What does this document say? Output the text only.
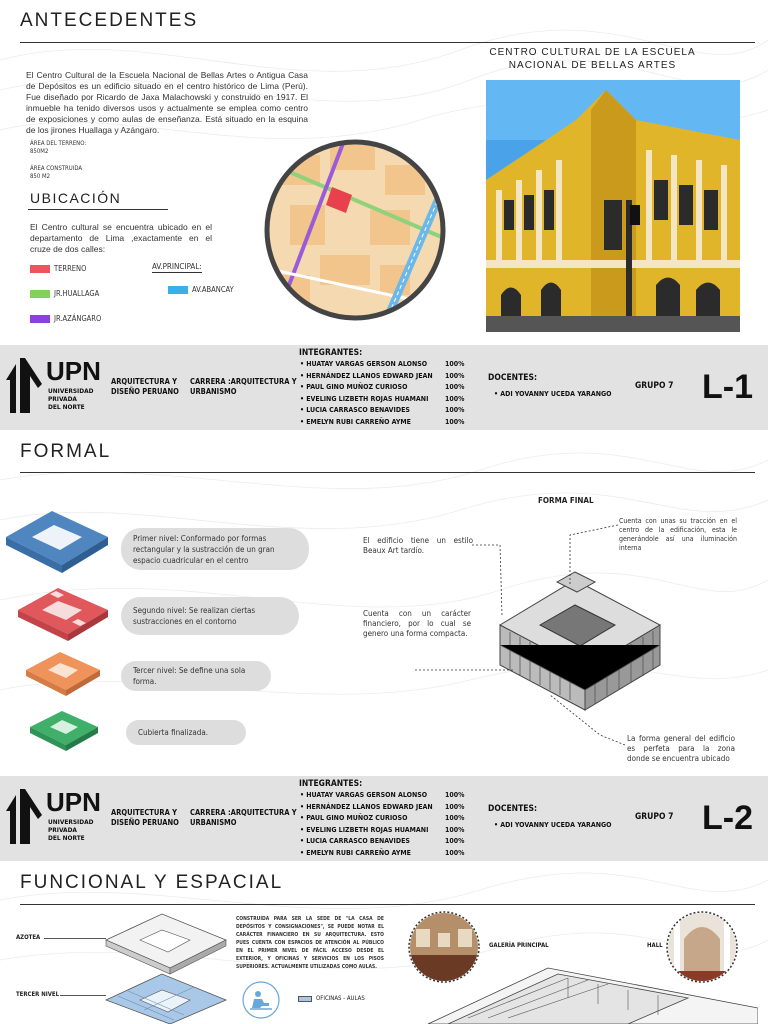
ANTECEDENTES
CENTRO CULTURAL DE LA ESCUELA
NACIONAL DE BELLAS ARTES

El Centro Cultural de la Escuela Nacional de Bellas Artes o Antigua Casa de Depósitos es un edificio situado en el centro histórico de Lima (Perú). Fue diseñado por Ricardo de Jaxa Malachowski y construido en 1917. El inmueble ha tenido diversos usos y actualmente se emplea como centro de exposiciones y como aulas de enseñanza. Está situado en la esquina de los jirones Huallaga y Azángaro.

ÁREA DEL TERRENO:
850M2
ÁREA CONSTRUIDA
850 M2
UBICACIÓN

El Centro cultural se encuentra ubicado en el departamento de Lima ,exactamente en el cruze de dos calles:

TERRENO
JR.HUALLAGA
JR.AZÁNGARO
AV.PRINCIPAL:
AV.ABANCAY
UPN
UNIVERSIDAD
PRIVADA
DEL NORTE
ARQUITECTURA Y
DISEÑO PERUANO
CARRERA :ARQUITECTURA Y
URBANISMO
INTEGRANTES:
• HUATAY VARGAS GERSON ALONSO	100%
• HERNÁNDEZ LLANOS EDWARD JEAN 100%
• PAUL GINO MUÑOZ CURIOSO	100%
• EVELING LIZBETH ROJAS HUAMANI 100%
• LUCIA CARRASCO BENAVIDES	100%
• EMELYN RUBI CARREÑO AYME	100%
DOCENTES:
• ADI YOVANNY UCEDA YARANGO
GRUPO 7 L-1
FORMAL
Primer nivel: Conformado por formas rectangular y la sustracción de un gran espacio cuadricular en el centro
Segundo nivel: Se realizan ciertas sustracciones en el contorno
Tercer nivel: Se define una sola forma.
Cubierta finalizada.
FORMA FINAL
El edificio tiene un estilo Beaux Art tardío.
Cuenta con un carácter financiero, por lo cual se genero una forma compacta.
Cuenta con unas su tracción en el centro de la edificación, esta le generándole así una iluminación interna
La forma general del edificio es perfeta para la zona donde se encuentra ubicado
UPN
UNIVERSIDAD
PRIVADA
DEL NORTE
ARQUITECTURA Y
DISEÑO PERUANO
CARRERA :ARQUITECTURA Y
URBANISMO
INTEGRANTES:
• HUATAY VARGAS GERSON ALONSO	100%
• HERNÁNDEZ LLANOS EDWARD JEAN 100%
• PAUL GINO MUÑOZ CURIOSO	100%
• EVELING LIZBETH ROJAS HUAMANI 100%
• LUCIA CARRASCO BENAVIDES	100%
• EMELYN RUBI CARREÑO AYME	100%
DOCENTES:
• ADI YOVANNY UCEDA YARANGO
GRUPO 7 L-2
FUNCIONAL Y ESPACIAL
AZOTEA
TERCER NIVEL

CONSTRUIDA PARA SER LA SEDE DE "LA CASA DE DEPÓSITOS Y CONSIGNACIONES", SE PUEDE NOTAR EL CARÁCTER FINANCIERO EN SU ARQUITECTURA. ESTO PUES CUENTA CON ESPACIOS DE ATENCIÓN AL PÚBLICO EN EL PRIMER NIVEL DE FÁCIL ACCESO DESDE EL EXTERIOR, Y OFICINAS Y SERVICIOS EN LOS PISOS SUPERIORES. ACTUALMENTE UTILIZADAS COMO AULAS.

OFICINAS - AULAS
GALERÍA PRINCIPAL	HALL
